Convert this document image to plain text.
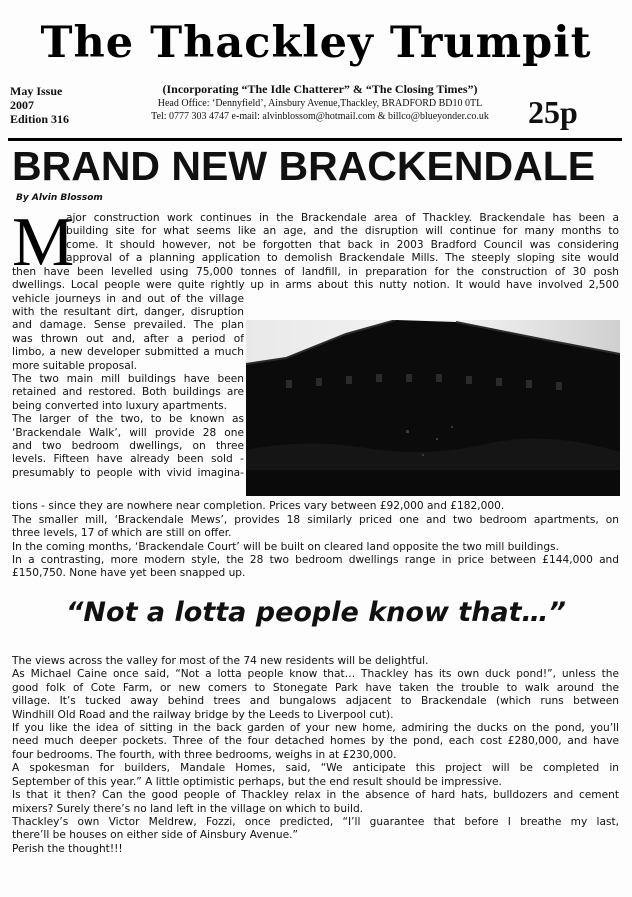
The Thackley Trumpit
May Issue
2007
Edition 316
(Incorporating “The Idle Chatterer” & “The Closing Times”)
Head Office: ‘Dennyfield’, Ainsbury Avenue,Thackley, BRADFORD BD10 0TL
Tel: 0777 303 4747 e-mail: alvinblossom@hotmail.com & billco@blueyonder.co.uk	25p
BRAND NEW BRACKENDALE
By Alvin Blossom
M
ajor construction work continues in the Brackendale area of Thackley. Brackendale has been a
building site for what seems like an age, and the disruption will continue for many months to
come. It should however, not be forgotten that back in 2003 Bradford Council was considering
approval of a planning application to demolish Brackendale Mills. The steeply sloping site would
then have been levelled using 75,000 tonnes of landfill, in preparation for the construction of 30 posh
dwellings. Local people were quite rightly up in arms about this nutty notion. It would have involved 2,500
vehicle journeys in and out of the village
with the resultant dirt, danger, disruption
and damage. Sense prevailed. The plan
was thrown out and, after a period of
limbo, a new developer submitted a much
more suitable proposal.
The two main mill buildings have been
retained and restored. Both buildings are
being converted into luxury apartments.
The larger of the two, to be known as
‘Brackendale Walk’, will provide 28 one
and two bedroom dwellings, on three
levels. Fifteen have already been sold -
presumably to people with vivid imagina-
tions - since they are nowhere near completion. Prices vary between £92,000 and £182,000.
The smaller mill, ‘Brackendale Mews’, provides 18 similarly priced one and two bedroom apartments, on
three levels, 17 of which are still on offer.
In the coming months, ‘Brackendale Court’ will be built on cleared land opposite the two mill buildings.
In a contrasting, more modern style, the 28 two bedroom dwellings range in price between £144,000 and
£150,750. None have yet been snapped up.
“Not a lotta people know that…”
The views across the valley for most of the 74 new residents will be delightful.
As Michael Caine once said, “Not a lotta people know that… Thackley has its own duck pond!”, unless the
good folk of Cote Farm, or new comers to Stonegate Park have taken the trouble to walk around the
village. It’s tucked away behind trees and bungalows adjacent to Brackendale (which runs between
Windhill Old Road and the railway bridge by the Leeds to Liverpool cut).
If you like the idea of sitting in the back garden of your new home, admiring the ducks on the pond, you’ll
need much deeper pockets. Three of the four detached homes by the pond, each cost £280,000, and have
four bedrooms. The fourth, with three bedrooms, weighs in at £230,000.
A spokesman for builders, Mandale Homes, said, “We anticipate this project will be completed in
September of this year.” A little optimistic perhaps, but the end result should be impressive.
Is that it then? Can the good people of Thackley relax in the absence of hard hats, bulldozers and cement
mixers? Surely there’s no land left in the village on which to build.
Thackley’s own Victor Meldrew, Fozzi, once predicted, “I’ll guarantee that before I breathe my last,
there’ll be houses on either side of Ainsbury Avenue.”
Perish the thought!!!
